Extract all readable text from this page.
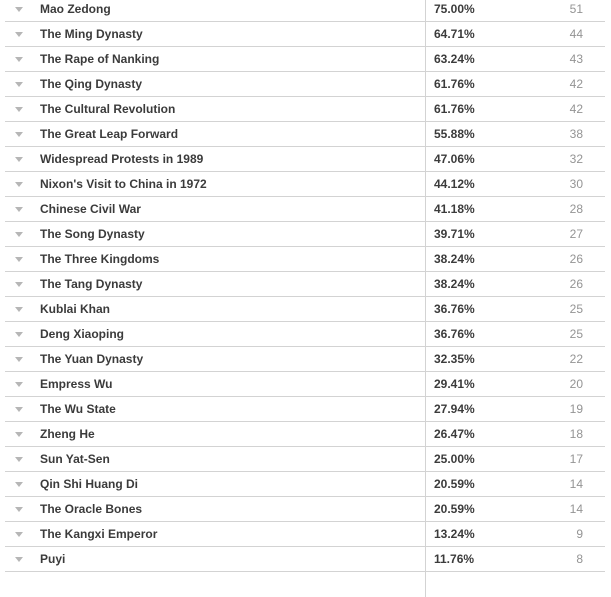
Mao Zedong	75.00%	51
The Ming Dynasty	64.71%	44
The Rape of Nanking	63.24%	43
The Qing Dynasty	61.76%	42
The Cultural Revolution	61.76%	42
The Great Leap Forward	55.88%	38
Widespread Protests in 1989	47.06%	32
Nixon's Visit to China in 1972	44.12%	30
Chinese Civil War	41.18%	28
The Song Dynasty	39.71%	27
The Three Kingdoms	38.24%	26
The Tang Dynasty	38.24%	26
Kublai Khan	36.76%	25
Deng Xiaoping	36.76%	25
The Yuan Dynasty	32.35%	22
Empress Wu	29.41%	20
The Wu State	27.94%	19
Zheng He	26.47%	18
Sun Yat-Sen	25.00%	17
Qin Shi Huang Di	20.59%	14
The Oracle Bones	20.59%	14
The Kangxi Emperor	13.24%	9
Puyi	11.76%	8
